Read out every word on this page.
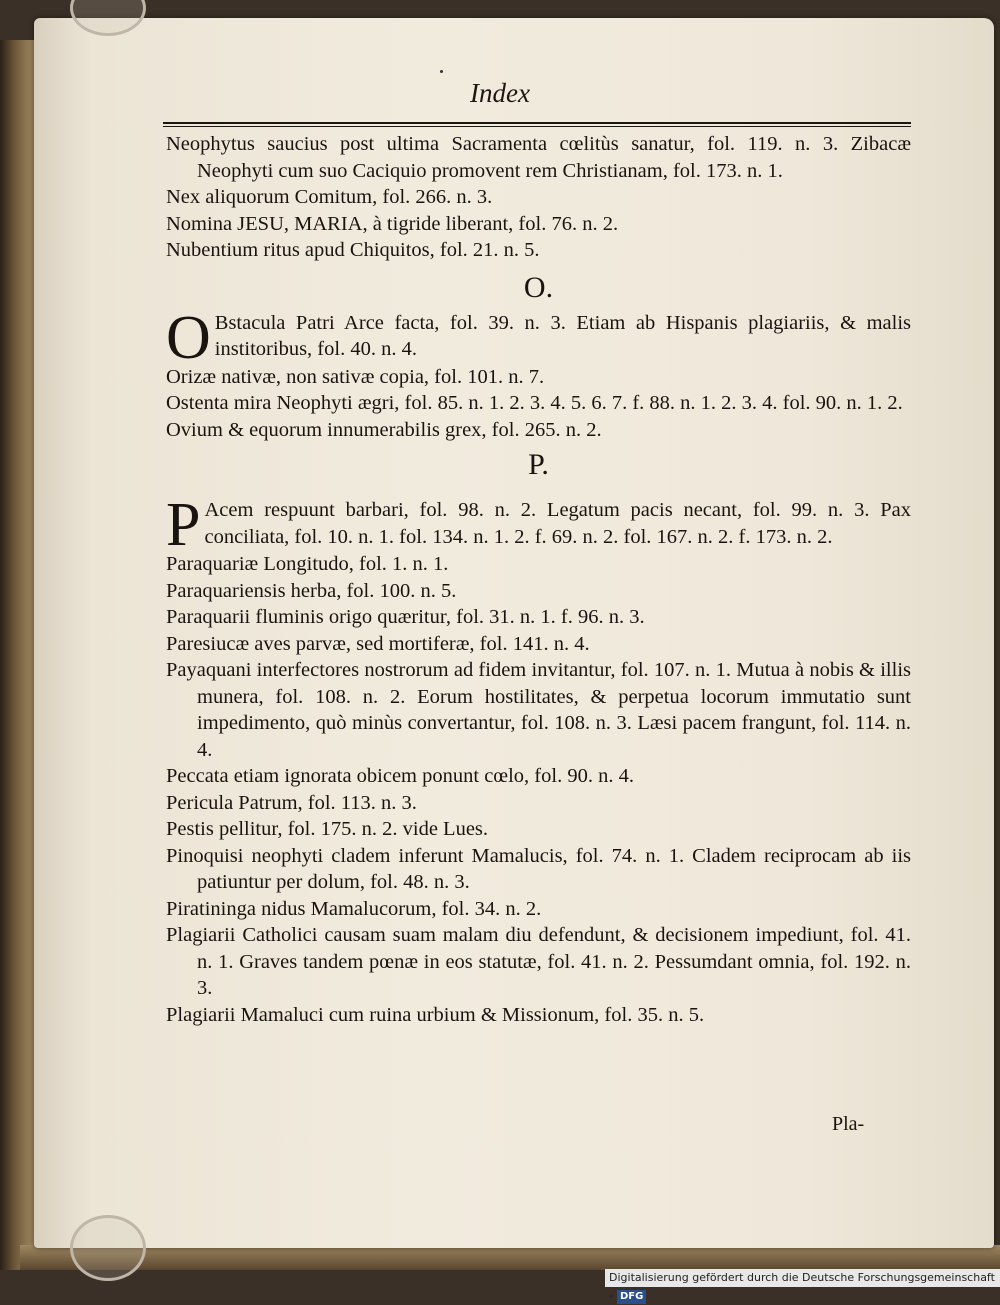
Index

Neophytus saucius post ultima Sacramenta cœlitùs sanatur, fol. 119. n. 3. Zibacæ Neophyti cum suo Caciquio promovent rem Christianam, fol. 173. n. 1.

Nex aliquorum Comitum, fol. 266. n. 3.

Nomina JESU, MARIA, à tigride liberant, fol. 76. n. 2.

Nubentium ritus apud Chiquitos, fol. 21. n. 5.

O.

O Bstacula Patri Arce facta, fol. 39. n. 3. Etiam ab Hispanis plagiariis, & malis institoribus, fol. 40. n. 4.

Orizæ nativæ, non sativæ copia, fol. 101. n. 7.

Ostenta mira Neophyti ægri, fol. 85. n. 1. 2. 3. 4. 5. 6. 7. f. 88. n. 1. 2. 3. 4. fol. 90. n. 1. 2.

Ovium & equorum innumerabilis grex, fol. 265. n. 2.

P.

P Acem respuunt barbari, fol. 98. n. 2. Legatum pacis necant, fol. 99. n. 3. Pax conciliata, fol. 10. n. 1. fol. 134. n. 1. 2. f. 69. n. 2. fol. 167. n. 2. f. 173. n. 2.

Paraquariæ Longitudo, fol. 1. n. 1.

Paraquariensis herba, fol. 100. n. 5.

Paraquarii fluminis origo quæritur, fol. 31. n. 1. f. 96. n. 3.

Paresiucæ aves parvæ, sed mortiferæ, fol. 141. n. 4.

Payaquani interfectores nostrorum ad fidem invitantur, fol. 107. n. 1. Mutua à nobis & illis munera, fol. 108. n. 2. Eorum hostilitates, & perpetua locorum immutatio sunt impedimento, quò minùs convertantur, fol. 108. n. 3. Læsi pacem frangunt, fol. 114. n. 4.

Peccata etiam ignorata obicem ponunt cœlo, fol. 90. n. 4.

Pericula Patrum, fol. 113. n. 3.

Pestis pellitur, fol. 175. n. 2. vide Lues.

Pinoquisi neophyti cladem inferunt Mamalucis, fol. 74. n. 1. Cladem reciprocam ab iis patiuntur per dolum, fol. 48. n. 3.

Piratininga nidus Mamalucorum, fol. 34. n. 2.

Plagiarii Catholici causam suam malam diu defendunt, & decisionem impediunt, fol. 41. n. 1. Graves tandem pœnæ in eos statutæ, fol. 41. n. 2. Pessumdant omnia, fol. 192. n. 3.

Plagiarii Mamaluci cum ruina urbium & Missionum, fol. 35. n. 5.

Pla-
Digitalisierung gefördert durch die Deutsche Forschungsgemeinschaft - DFG
